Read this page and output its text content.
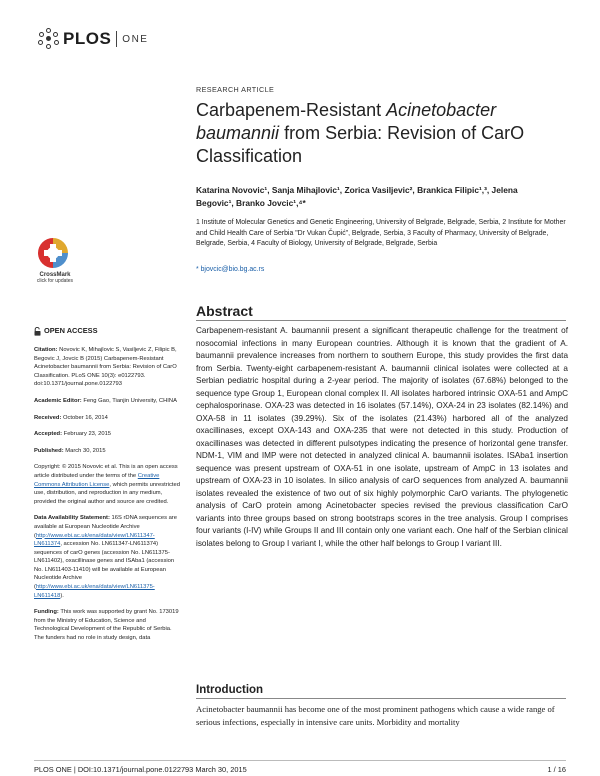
PLOS ONE
RESEARCH ARTICLE
Carbapenem-Resistant Acinetobacter baumannii from Serbia: Revision of CarO Classification
Katarina Novovic¹, Sanja Mihajlovic¹, Zorica Vasiljevic², Brankica Filipic¹,³, Jelena Begovic¹, Branko Jovcic¹,⁴*
1 Institute of Molecular Genetics and Genetic Engineering, University of Belgrade, Belgrade, Serbia, 2 Institute for Mother and Child Health Care of Serbia "Dr Vukan Čupić", Belgrade, Serbia, 3 Faculty of Pharmacy, University of Belgrade, Belgrade, Serbia, 4 Faculty of Biology, University of Belgrade, Belgrade, Serbia
* bjovcic@bio.bg.ac.rs
CrossMark
click for updates
Abstract

Carbapenem-resistant A. baumannii present a significant therapeutic challenge for the treatment of nosocomial infections in many European countries. Although it is known that the gradient of A. baumannii prevalence increases from northern to southern Europe, this study provides the first data from Serbia. Twenty-eight carbapenem-resistant A. baumannii clinical isolates were collected at a Serbian pediatric hospital during a 2-year period. The majority of isolates (67.68%) belonged to the sequence type Group 1, European clonal complex II. All isolates harbored intrinsic OXA-51 and AmpC cephalosporinase. OXA-23 was detected in 16 isolates (57.14%), OXA-24 in 23 isolates (82.14%) and OXA-58 in 11 isolates (39.29%). Six of the isolates (21.43%) harbored all of the analyzed oxacillinases, except OXA-143 and OXA-235 that were not detected in this study. Production of oxacillinases was detected in different pulsotypes indicating the presence of horizontal gene transfer. NDM-1, VIM and IMP were not detected in analyzed clinical A. baumannii isolates. ISAba1 insertion sequence was present upstream of OXA-51 in one isolate, upstream of AmpC in 13 isolates and upstream of OXA-23 in 10 isolates. In silico analysis of carO sequences from analyzed A. baumannii isolates revealed the existence of two out of six highly polymorphic CarO variants. The phylogenetic analysis of CarO protein among Acinetobacter species revised the previous classification CarO variants into three groups based on strong bootstraps scores in the tree analysis. Group I comprises four variants (I-IV) while Groups II and III contain only one variant each. One half of the Serbian clinical isolates belong to Group I variant I, while the other half belongs to Group I variant III.

OPEN ACCESS

Citation: Novovic K, Mihajlovic S, Vasiljevic Z, Filipic B, Begovic J, Jovcic B (2015) Carbapenem-Resistant Acinetobacter baumannii from Serbia: Revision of CarO Classification. PLoS ONE 10(3): e0122793. doi:10.1371/journal.pone.0122793

Academic Editor: Feng Gao, Tianjin University, CHINA

Received: October 16, 2014

Accepted: February 23, 2015

Published: March 30, 2015

Copyright: © 2015 Novovic et al. This is an open access article distributed under the terms of the Creative Commons Attribution License, which permits unrestricted use, distribution, and reproduction in any medium, provided the original author and source are credited.

Data Availability Statement: 16S rDNA sequences are available at European Nucleotide Archive (http://www.ebi.ac.uk/ena/data/view/LN611347-LN611374, accession No. LN611347-LN611374) sequences of carO genes (accession No. LN611375-LN611402), oxacillinase genes and ISAba1 (accession No. LN611403-11410) will be available at European Nucleotide Archive (http://www.ebi.ac.uk/ena/data/view/LN611375-LN611418).

Funding: This work was supported by grant No. 173019 from the Ministry of Education, Science and Technological Development of the Republic of Serbia. The funders had no role in study design, data

Introduction

Acinetobacter baumannii has become one of the most prominent pathogens which cause a wide range of serious infections, especially in intensive care units. Morbidity and mortality

PLOS ONE | DOI:10.1371/journal.pone.0122793 March 30, 2015	1 / 16
